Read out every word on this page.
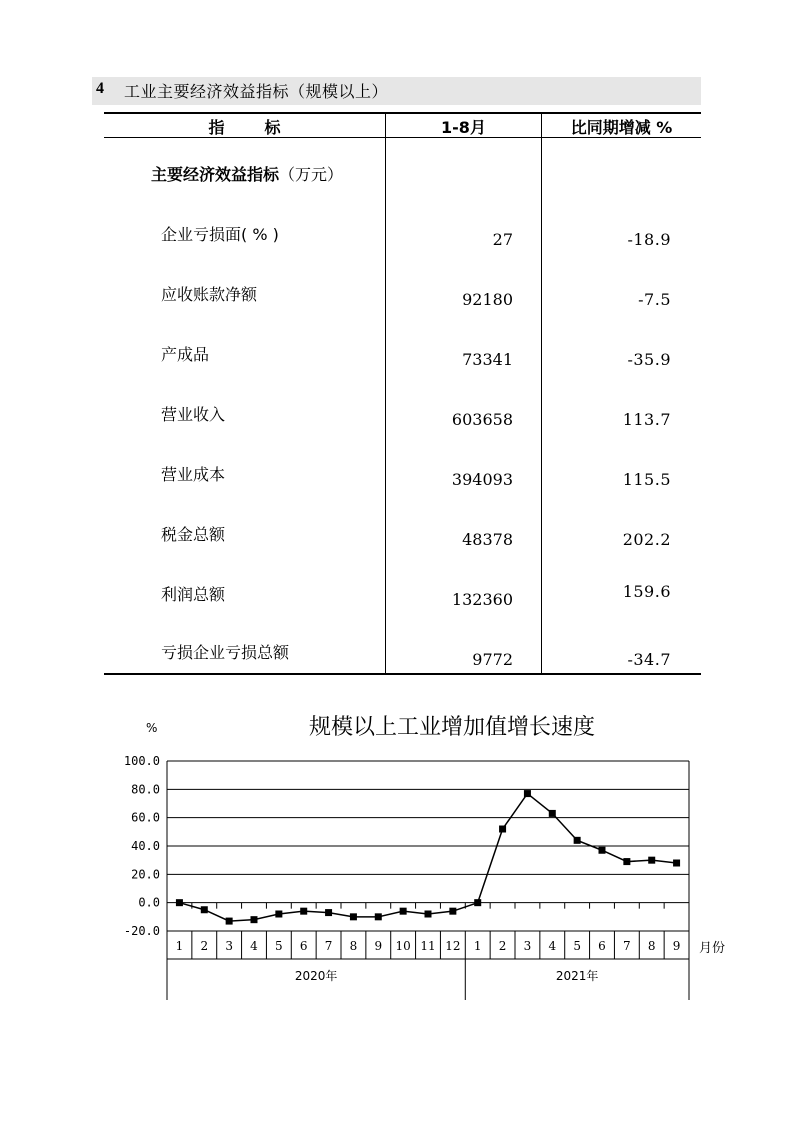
4 工业主要经济效益指标（规模以上）
指标	1-8月	比同期增减 %
主要经济效益指标（万元）
企业亏损面( % )	27	-18.9
应收账款净额	92180	-7.5
产成品	73341	-35.9
营业收入	603658	113.7
营业成本	394093	115.5
税金总额	48378	202.2
利润总额	132360	159.6
亏损企业亏损总额	9772	-34.7
规模以上工业增加值增长速度
%
100.0
80.0
60.0
40.0
20.0
0.0
-20.0
1 2 3 4 5 6 7 8 9 10 11 12 1 2 3 4 5 6 7 8 9
2020年	2021年
月份
